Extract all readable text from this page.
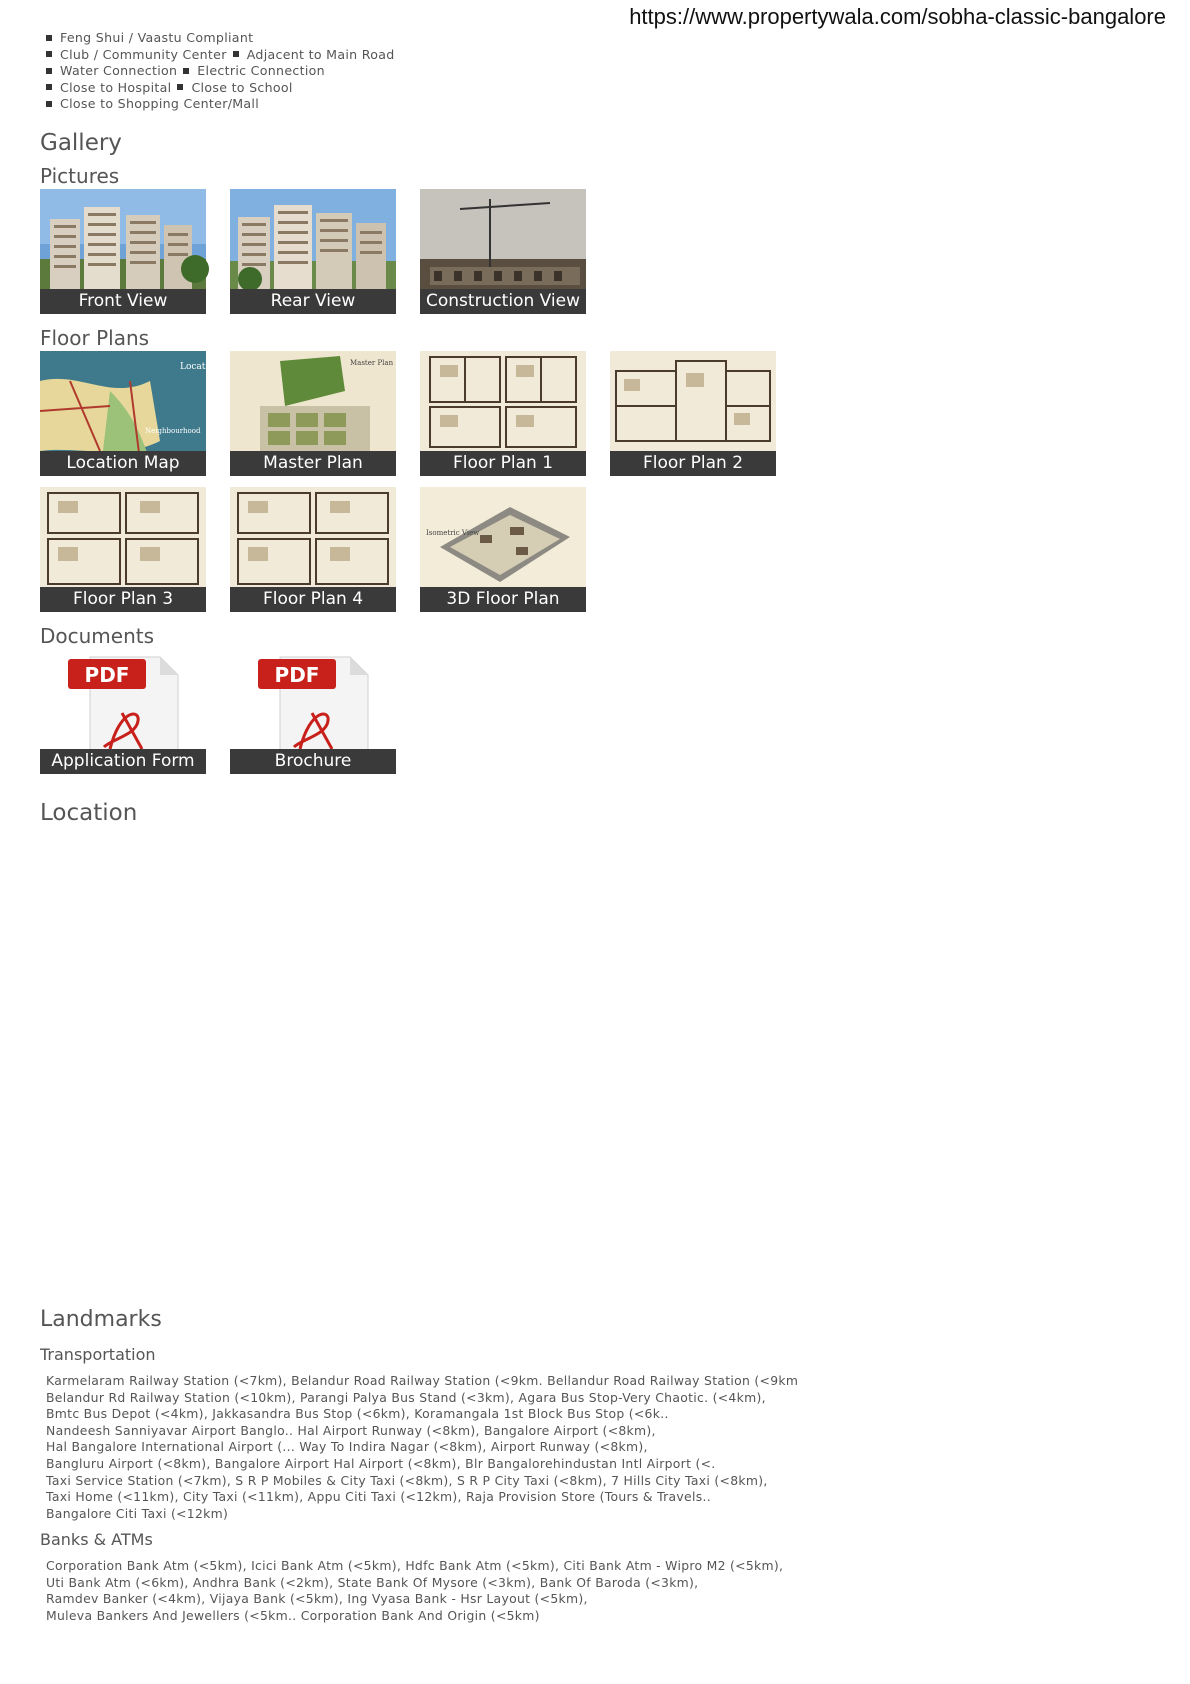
https://www.propertywala.com/sobha-classic-bangalore
Feng Shui / Vaastu Compliant
Club / Community Center Adjacent to Main Road
Water Connection Electric Connection
Close to Hospital Close to School
Close to Shopping Center/Mall
Gallery
Pictures
Front View	Rear View	Construction View
Floor Plans
Location
Neighbourhood
Location Map
Master Plan
Master Plan	Floor Plan 1	Floor Plan 2
Floor Plan 3	Floor Plan 4
Isometric View
3D Floor Plan
Documents
PDF
Application Form
PDF
Brochure
Location
Landmarks
Transportation
Karmelaram Railway Station (<7km), Belandur Road Railway Station (<9km. Bellandur Road Railway Station (<9km
Belandur Rd Railway Station (<10km), Parangi Palya Bus Stand (<3km), Agara Bus Stop-Very Chaotic. (<4km),
Bmtc Bus Depot (<4km), Jakkasandra Bus Stop (<6km), Koramangala 1st Block Bus Stop (<6k..
Nandeesh Sanniyavar Airport Banglo.. Hal Airport Runway (<8km), Bangalore Airport (<8km),
Hal Bangalore International Airport (... Way To Indira Nagar (<8km), Airport Runway (<8km),
Bangluru Airport (<8km), Bangalore Airport Hal Airport (<8km), Blr Bangalorehindustan Intl Airport (<.
Taxi Service Station (<7km), S R P Mobiles & City Taxi (<8km), S R P City Taxi (<8km), 7 Hills City Taxi (<8km),
Taxi Home (<11km), City Taxi (<11km), Appu Citi Taxi (<12km), Raja Provision Store (Tours & Travels..
Bangalore Citi Taxi (<12km)
Banks & ATMs
Corporation Bank Atm (<5km), Icici Bank Atm (<5km), Hdfc Bank Atm (<5km), Citi Bank Atm - Wipro M2 (<5km),
Uti Bank Atm (<6km), Andhra Bank (<2km), State Bank Of Mysore (<3km), Bank Of Baroda (<3km),
Ramdev Banker (<4km), Vijaya Bank (<5km), Ing Vyasa Bank - Hsr Layout (<5km),
Muleva Bankers And Jewellers (<5km.. Corporation Bank And Origin (<5km)
